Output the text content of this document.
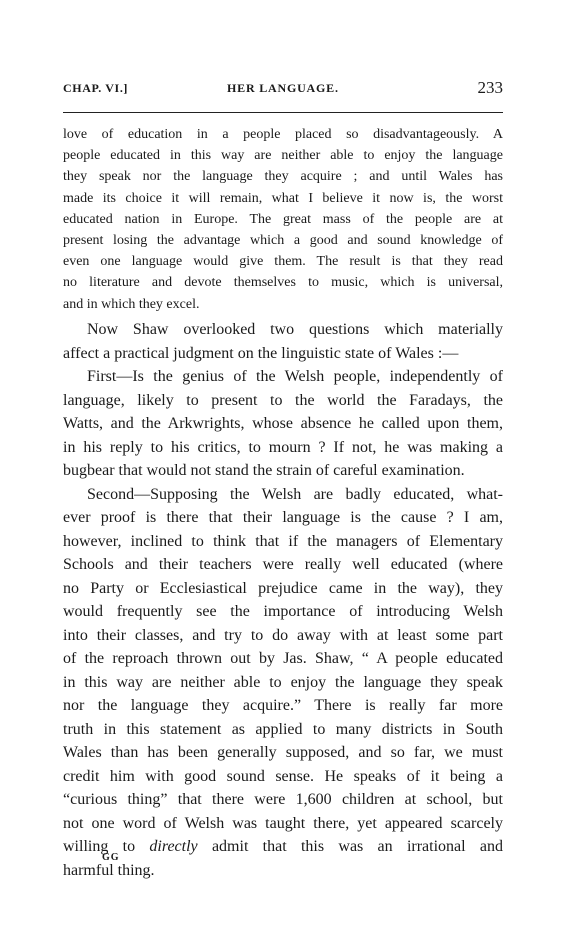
CHAP. VI.]	HER LANGUAGE.	233
love of education in a people placed so disadvantageously. A
people educated in this way are neither able to enjoy the language
they speak nor the language they acquire ; and until Wales has
made its choice it will remain, what I believe it now is, the worst
educated nation in Europe. The great mass of the people are at
present losing the advantage which a good and sound knowledge of
even one language would give them. The result is that they read
no literature and devote themselves to music, which is universal,
and in which they excel.
Now Shaw overlooked two questions which materially
affect a practical judgment on the linguistic state of Wales :—
First—Is the genius of the Welsh people, independently of
language, likely to present to the world the Faradays, the
Watts, and the Arkwrights, whose absence he called upon them,
in his reply to his critics, to mourn ? If not, he was making a
bugbear that would not stand the strain of careful examination.
Second—Supposing the Welsh are badly educated, what-
ever proof is there that their language is the cause ? I am,
however, inclined to think that if the managers of Elementary
Schools and their teachers were really well educated (where
no Party or Ecclesiastical prejudice came in the way), they
would frequently see the importance of introducing Welsh
into their classes, and try to do away with at least some part
of the reproach thrown out by Jas. Shaw, “ A people educated
in this way are neither able to enjoy the language they speak
nor the language they acquire.” There is really far more
truth in this statement as applied to many districts in South
Wales than has been generally supposed, and so far, we must
credit him with good sound sense. He speaks of it being a
“curious thing” that there were 1,600 children at school, but
not one word of Welsh was taught there, yet appeared scarcely
willing to directly admit that this was an irrational and
harmful thing.
GG
